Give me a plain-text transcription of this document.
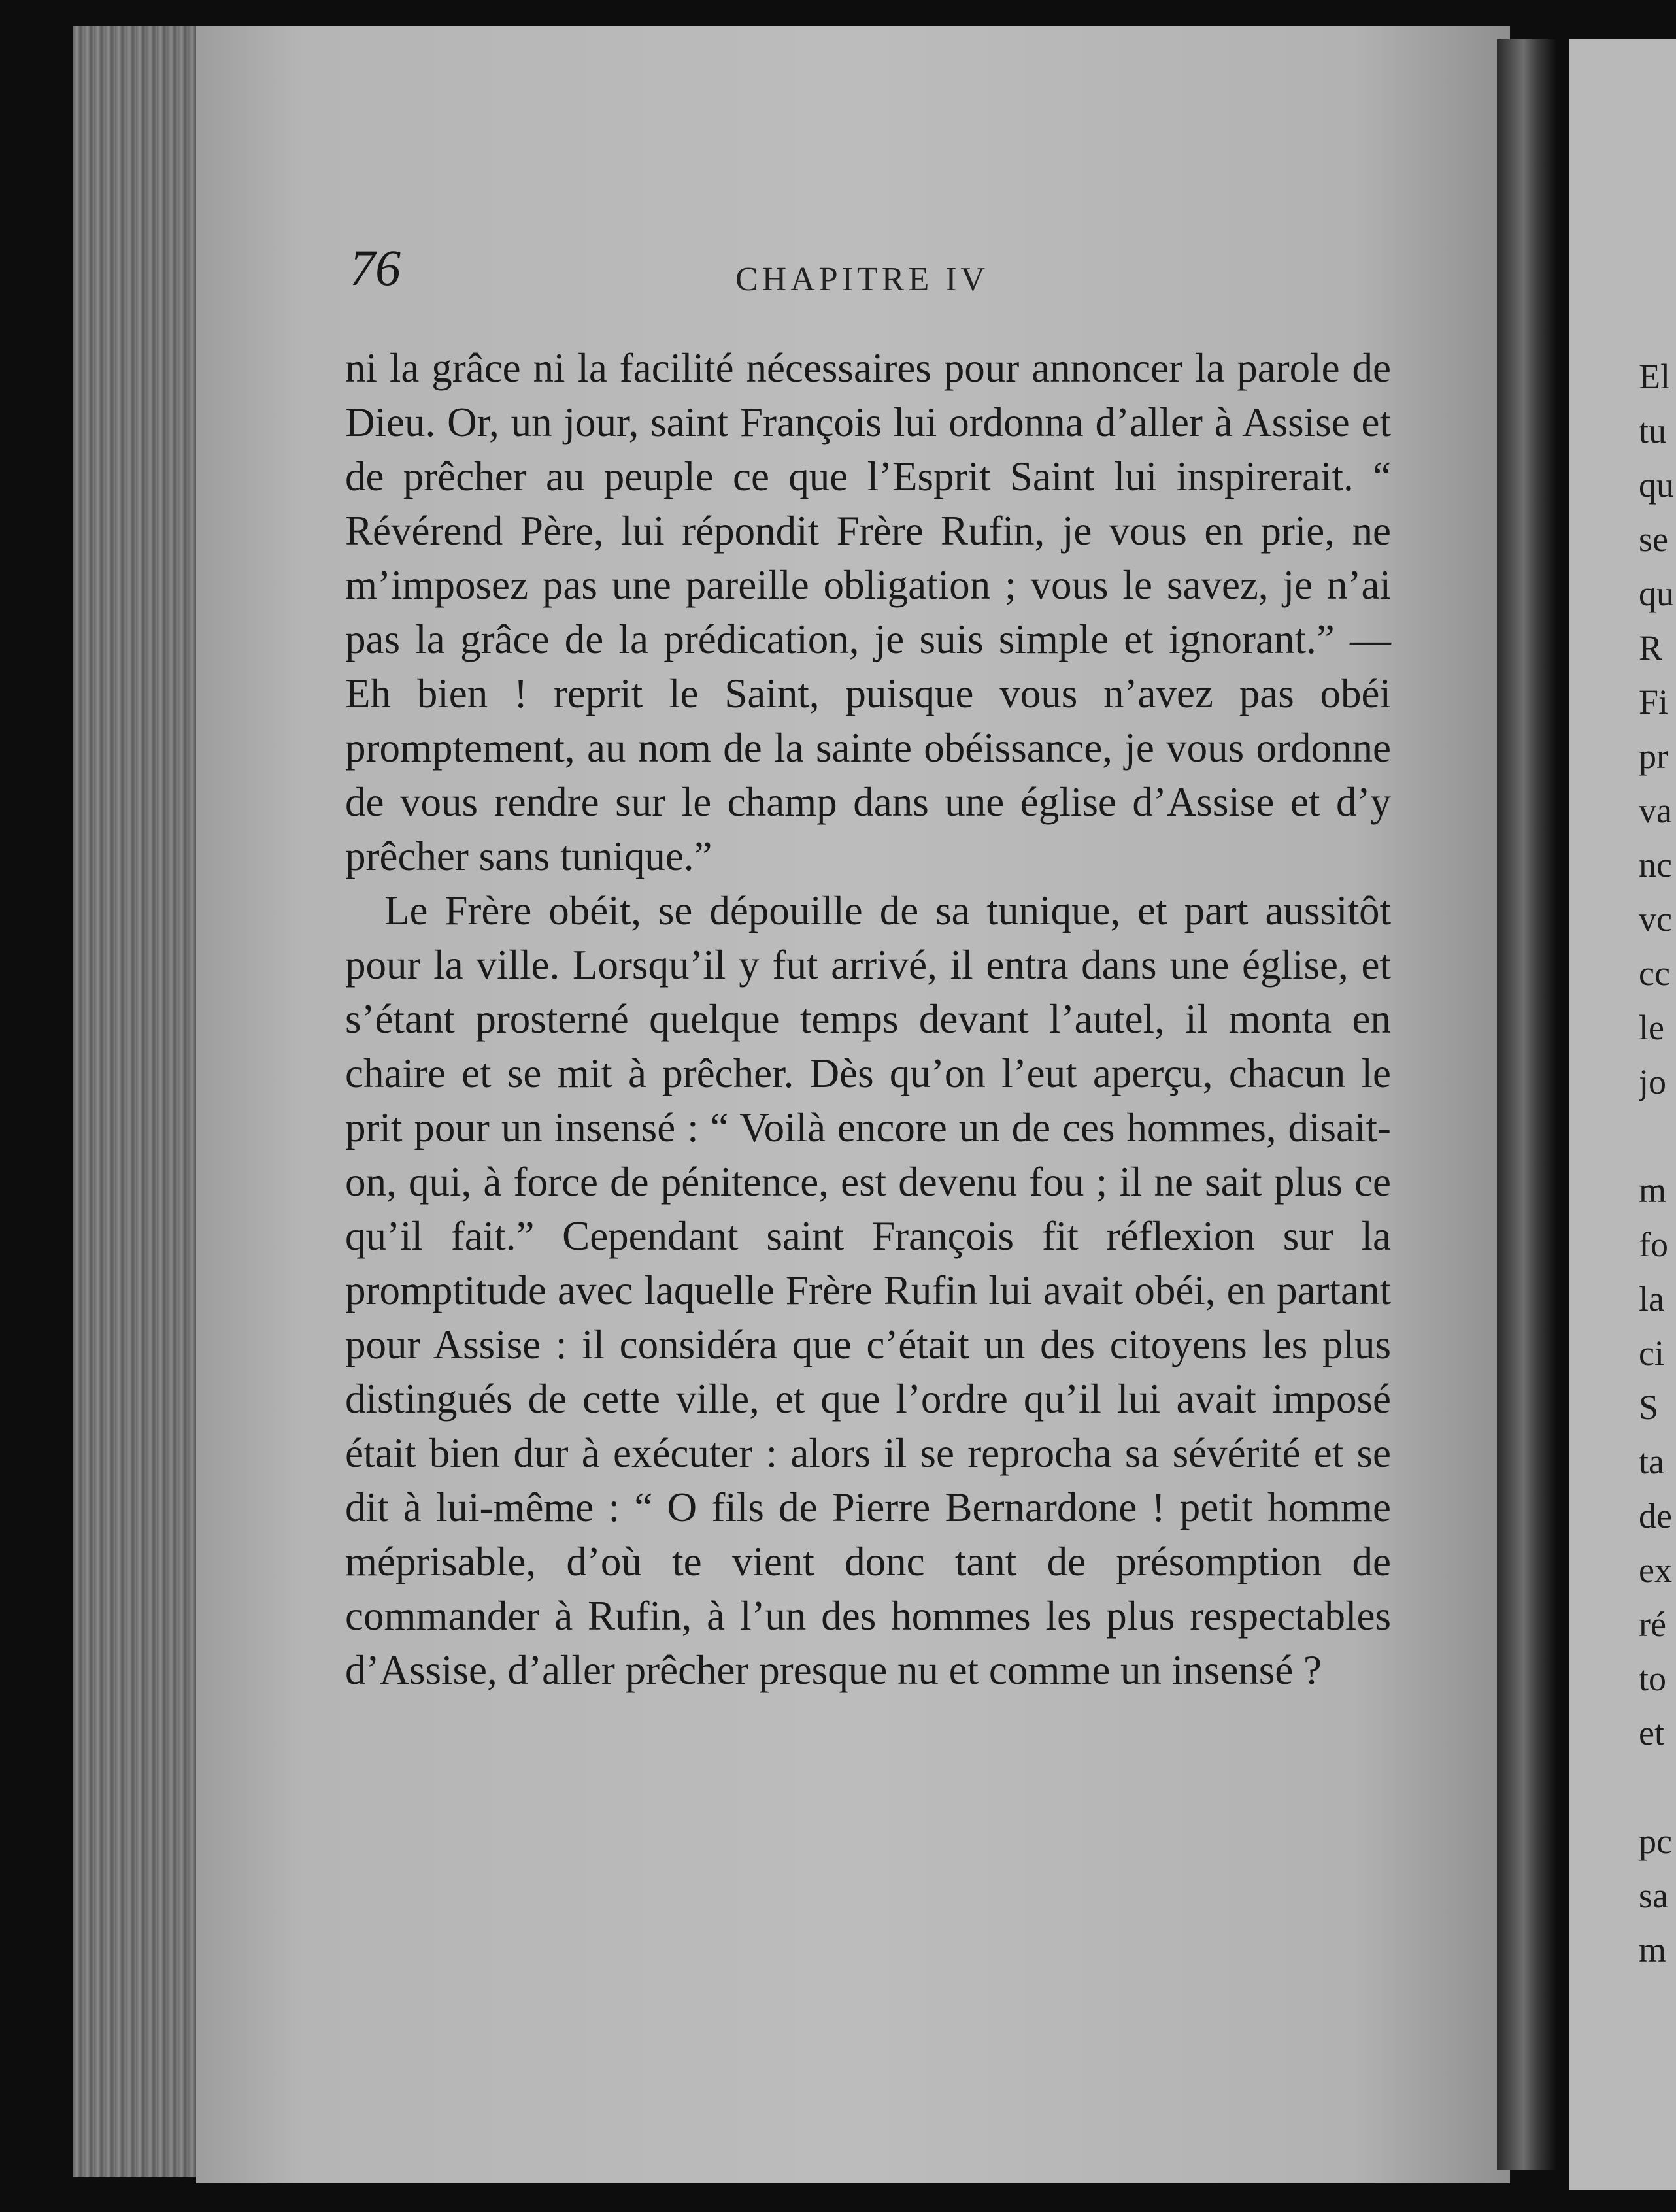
76	CHAPITRE IV

ni la grâce ni la facilité nécessaires pour annoncer la parole de Dieu. Or, un jour, saint François lui ordonna d’aller à Assise et de prêcher au peuple ce que l’Esprit Saint lui inspirerait. “ Révérend Père, lui répondit Frère Rufin, je vous en prie, ne m’imposez pas une pareille obligation ; vous le savez, je n’ai pas la grâce de la prédication, je suis simple et ignorant.” — Eh bien ! reprit le Saint, puisque vous n’avez pas obéi promptement, au nom de la sainte obéissance, je vous ordonne de vous rendre sur le champ dans une église d’Assise et d’y prêcher sans tunique.”

Le Frère obéit, se dépouille de sa tunique, et part aussitôt pour la ville. Lorsqu’il y fut arrivé, il entra dans une église, et s’étant prosterné quelque temps devant l’autel, il monta en chaire et se mit à prêcher. Dès qu’on l’eut aperçu, chacun le prit pour un insensé : “ Voilà encore un de ces hommes, disait-on, qui, à force de pénitence, est devenu fou ; il ne sait plus ce qu’il fait.” Cependant saint François fit réflexion sur la promptitude avec laquelle Frère Rufin lui avait obéi, en partant pour Assise : il considéra que c’était un des citoyens les plus distingués de cette ville, et que l’ordre qu’il lui avait imposé était bien dur à exécuter : alors il se reprocha sa sévérité et se dit à lui-même : “ O fils de Pierre Bernardone ! petit homme méprisable, d’où te vient donc tant de présomption de commander à Rufin, à l’un des hommes les plus respectables d’Assise, d’aller prêcher presque nu et comme un insensé ?

El
tu
qu
se
qu
R
Fi
pr
va
nc
vc
cc
le
jo
m
fo
la
ci
S
ta
de
ex
ré
to
et
pc
sa
m
